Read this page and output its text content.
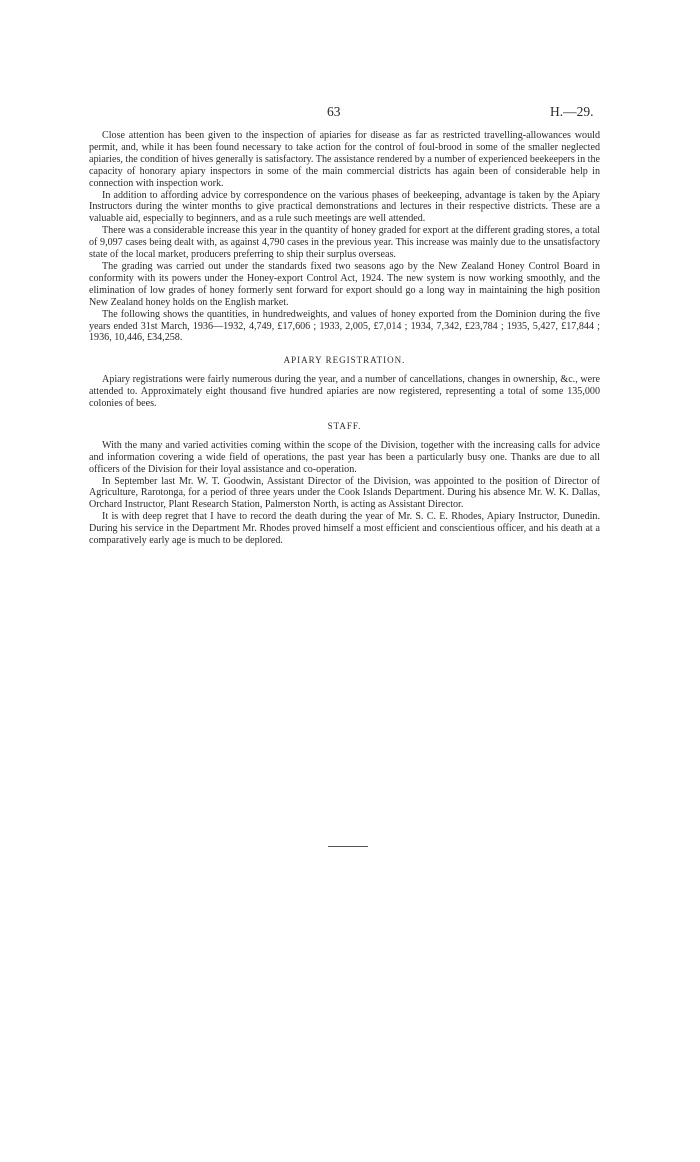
63	H.—29.

Close attention has been given to the inspection of apiaries for disease as far as restricted travelling-allowances would permit, and, while it has been found necessary to take action for the control of foul-brood in some of the smaller neglected apiaries, the condition of hives generally is satisfactory. The assistance rendered by a number of experienced beekeepers in the capacity of honorary apiary inspectors in some of the main commercial districts has again been of considerable help in connection with inspection work.

In addition to affording advice by correspondence on the various phases of beekeeping, advantage is taken by the Apiary Instructors during the winter months to give practical demonstrations and lectures in their respective districts. These are a valuable aid, especially to beginners, and as a rule such meetings are well attended.

There was a considerable increase this year in the quantity of honey graded for export at the different grading stores, a total of 9,097 cases being dealt with, as against 4,790 cases in the previous year. This increase was mainly due to the unsatisfactory state of the local market, producers preferring to ship their surplus overseas.

The grading was carried out under the standards fixed two seasons ago by the New Zealand Honey Control Board in conformity with its powers under the Honey-export Control Act, 1924. The new system is now working smoothly, and the elimination of low grades of honey formerly sent forward for export should go a long way in maintaining the high position New Zealand honey holds on the English market.

The following shows the quantities, in hundredweights, and values of honey exported from the Dominion during the five years ended 31st March, 1936—1932, 4,749, £17,606 ; 1933, 2,005, £7,014 ; 1934, 7,342, £23,784 ; 1935, 5,427, £17,844 ; 1936, 10,446, £34,258.

APIARY REGISTRATION.

Apiary registrations were fairly numerous during the year, and a number of cancellations, changes in ownership, &c., were attended to. Approximately eight thousand five hundred apiaries are now registered, representing a total of some 135,000 colonies of bees.

STAFF.

With the many and varied activities coming within the scope of the Division, together with the increasing calls for advice and information covering a wide field of operations, the past year has been a particularly busy one. Thanks are due to all officers of the Division for their loyal assistance and co-operation.

In September last Mr. W. T. Goodwin, Assistant Director of the Division, was appointed to the position of Director of Agriculture, Rarotonga, for a period of three years under the Cook Islands Department. During his absence Mr. W. K. Dallas, Orchard Instructor, Plant Research Station, Palmerston North, is acting as Assistant Director.

It is with deep regret that I have to record the death during the year of Mr. S. C. E. Rhodes, Apiary Instructor, Dunedin. During his service in the Department Mr. Rhodes proved himself a most efficient and conscientious officer, and his death at a comparatively early age is much to be deplored.
